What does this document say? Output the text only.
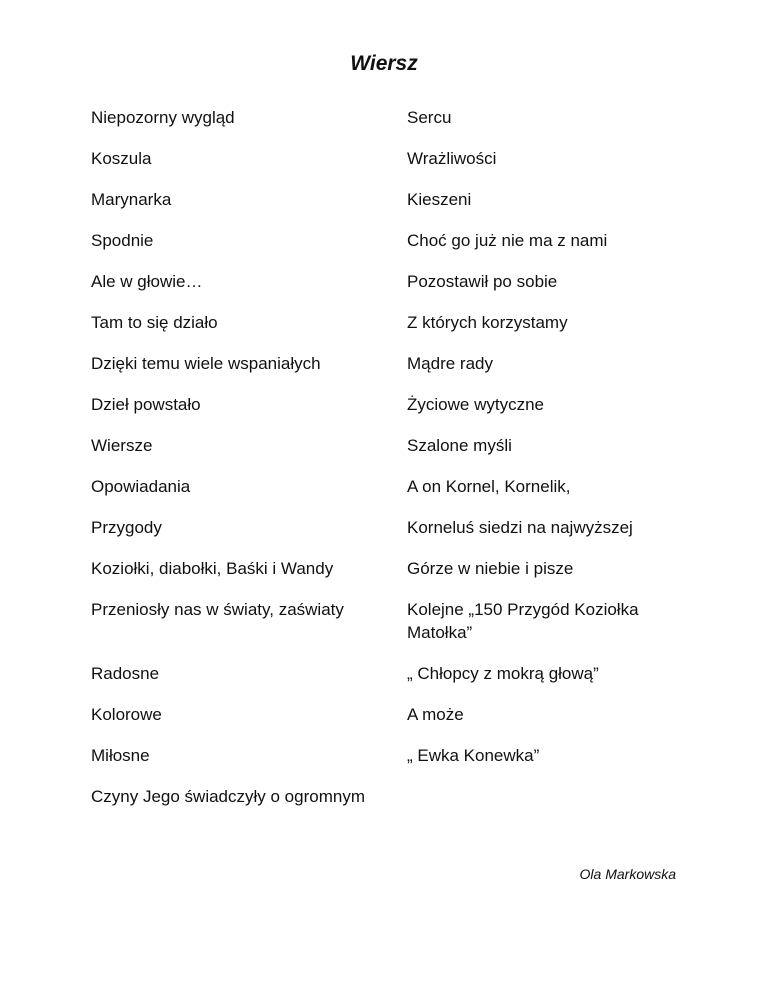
Wiersz
Niepozorny wygląd	Sercu
Koszula	Wrażliwości
Marynarka	Kieszeni
Spodnie	Choć go już nie ma z nami
Ale w głowie…	Pozostawił po sobie
Tam to się działo	Z których korzystamy
Dzięki temu wiele wspaniałych	Mądre rady
Dzieł powstało	Życiowe wytyczne
Wiersze	Szalone myśli
Opowiadania	A on Kornel, Kornelik,
Przygody	Korneluś siedzi na najwyższej
Koziołki, diabołki, Baśki i Wandy	Górze w niebie i pisze
Przeniosły nas w światy, zaświaty	Kolejne „150 Przygód Koziołka Matołka”
Radosne	„ Chłopcy z mokrą głową”
Kolorowe	A może
Miłosne	„ Ewka Konewka”
Czyny Jego świadczyły o ogromnym
Ola Markowska
